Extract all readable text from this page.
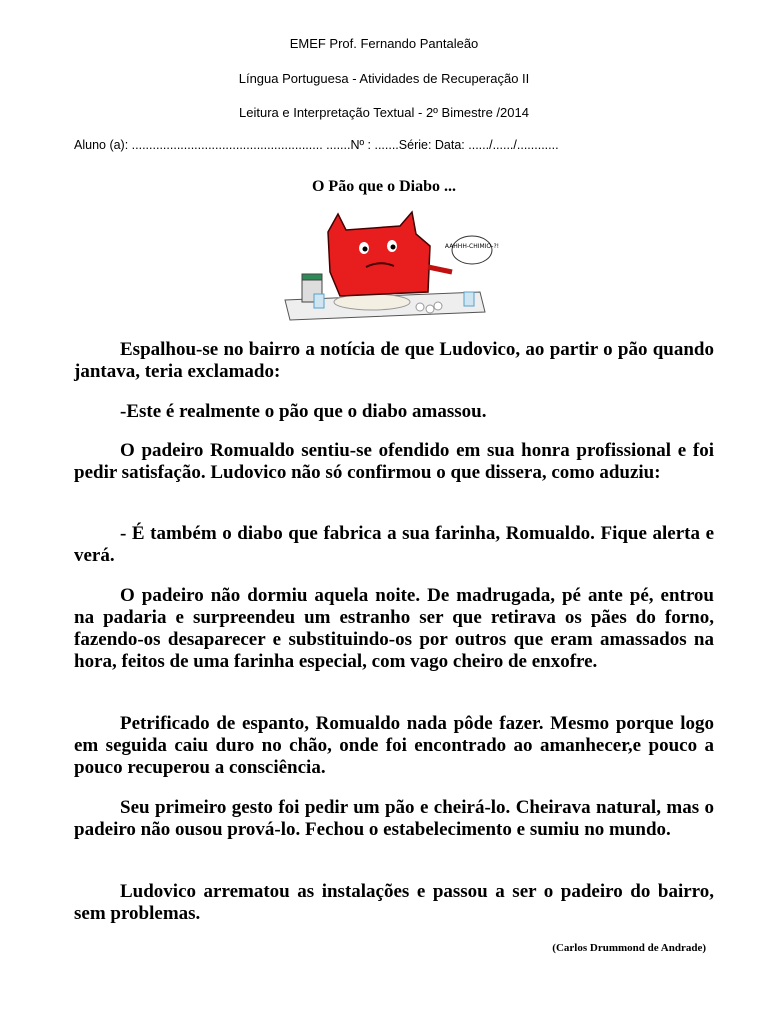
EMEF Prof. Fernando Pantaleão
Língua Portuguesa - Atividades de Recuperação II
Leitura e Interpretação Textual - 2º Bimestre /2014
Aluno (a): ....................................................... .......Nº : .......Série: Data: ....../....../............
O Pão que o Diabo ...
AAHHH-CHIMIO-?!
Espalhou-se no bairro a notícia de que Ludovico, ao partir o pão quando jantava, teria exclamado:
-Este é realmente o pão que o diabo amassou.
O padeiro Romualdo sentiu-se ofendido em sua honra profissional e foi pedir satisfação. Ludovico não só confirmou o que dissera, como aduziu:
- É também o diabo que fabrica a sua farinha, Romualdo. Fique alerta e verá.
O padeiro não dormiu aquela noite. De madrugada, pé ante pé, entrou na padaria e surpreendeu um estranho ser que retirava os pães do forno, fazendo-os desaparecer e substituindo-os por outros que eram amassados na hora, feitos de uma farinha especial, com vago cheiro de enxofre.
Petrificado de espanto, Romualdo nada pôde fazer. Mesmo porque logo em seguida caiu duro no chão, onde foi encontrado ao amanhecer,e pouco a pouco recuperou a consciência.
Seu primeiro gesto foi pedir um pão e cheirá-lo. Cheirava natural, mas o padeiro não ousou prová-lo. Fechou o estabelecimento e sumiu no mundo.
Ludovico arrematou as instalações e passou a ser o padeiro do bairro, sem problemas.
(Carlos Drummond de Andrade)
